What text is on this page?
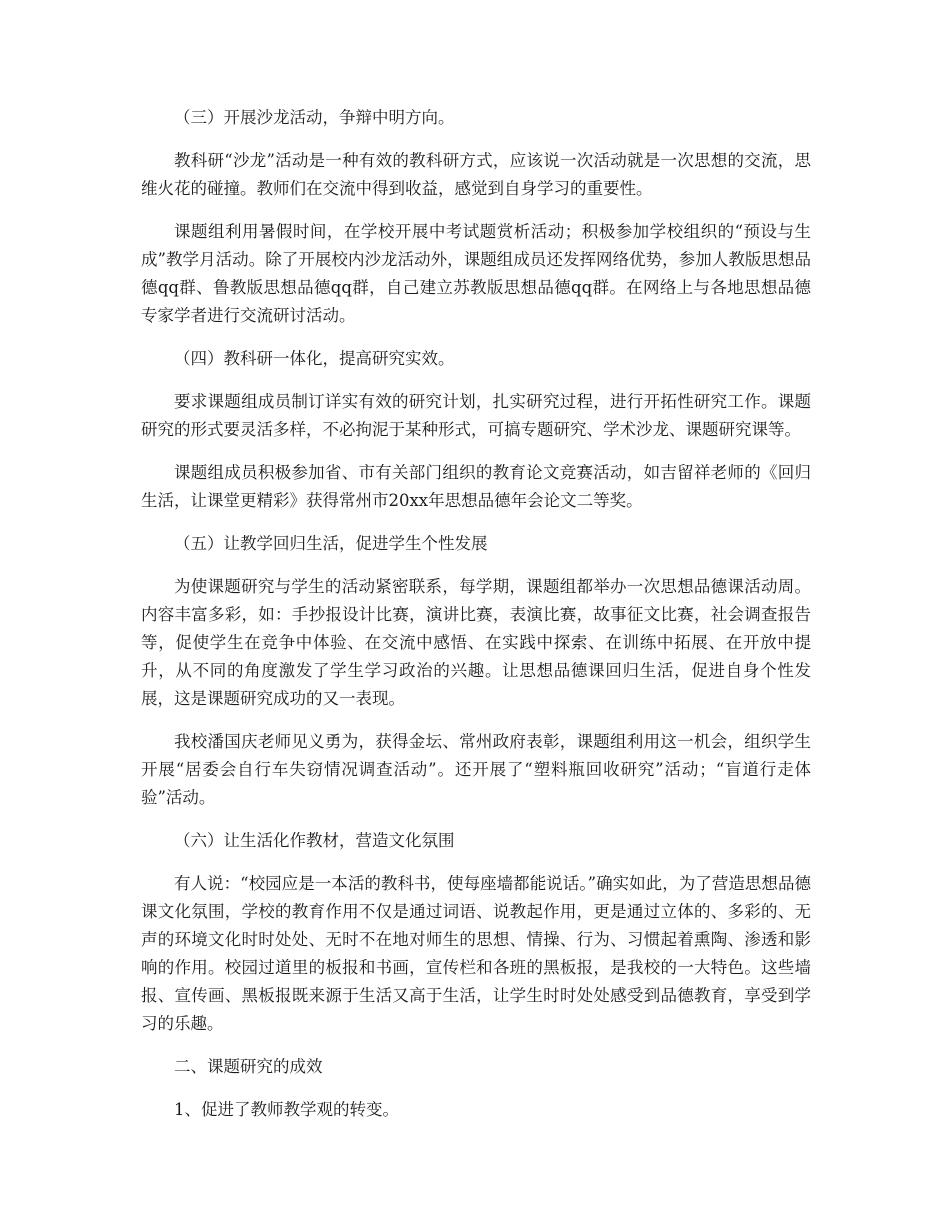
（三）开展沙龙活动，争辩中明方向。

教科研“沙龙”活动是一种有效的教科研方式，应该说一次活动就是一次思想的交流，思维火花的碰撞。教师们在交流中得到收益，感觉到自身学习的重要性。

课题组利用暑假时间，在学校开展中考试题赏析活动；积极参加学校组织的“预设与生成”教学月活动。除了开展校内沙龙活动外，课题组成员还发挥网络优势，参加人教版思想品德qq群、鲁教版思想品德qq群，自己建立苏教版思想品德qq群。在网络上与各地思想品德专家学者进行交流研讨活动。

（四）教科研一体化，提高研究实效。

要求课题组成员制订详实有效的研究计划，扎实研究过程，进行开拓性研究工作。课题研究的形式要灵活多样，不必拘泥于某种形式，可搞专题研究、学术沙龙、课题研究课等。

课题组成员积极参加省、市有关部门组织的教育论文竞赛活动，如吉留祥老师的《回归生活，让课堂更精彩》获得常州市20xx年思想品德年会论文二等奖。

（五）让教学回归生活，促进学生个性发展

为使课题研究与学生的活动紧密联系，每学期，课题组都举办一次思想品德课活动周。内容丰富多彩，如：手抄报设计比赛，演讲比赛，表演比赛，故事征文比赛，社会调查报告等，促使学生在竞争中体验、在交流中感悟、在实践中探索、在训练中拓展、在开放中提升，从不同的角度激发了学生学习政治的兴趣。让思想品德课回归生活，促进自身个性发展，这是课题研究成功的又一表现。

我校潘国庆老师见义勇为，获得金坛、常州政府表彰，课题组利用这一机会，组织学生开展“居委会自行车失窃情况调查活动”。还开展了“塑料瓶回收研究”活动；“盲道行走体验”活动。

（六）让生活化作教材，营造文化氛围

有人说：“校园应是一本活的教科书，使每座墙都能说话。”确实如此，为了营造思想品德课文化氛围，学校的教育作用不仅是通过词语、说教起作用，更是通过立体的、多彩的、无声的环境文化时时处处、无时不在地对师生的思想、情操、行为、习惯起着熏陶、渗透和影响的作用。校园过道里的板报和书画，宣传栏和各班的黑板报，是我校的一大特色。这些墙报、宣传画、黑板报既来源于生活又高于生活，让学生时时处处感受到品德教育，享受到学习的乐趣。

二、课题研究的成效

1、促进了教师教学观的转变。
